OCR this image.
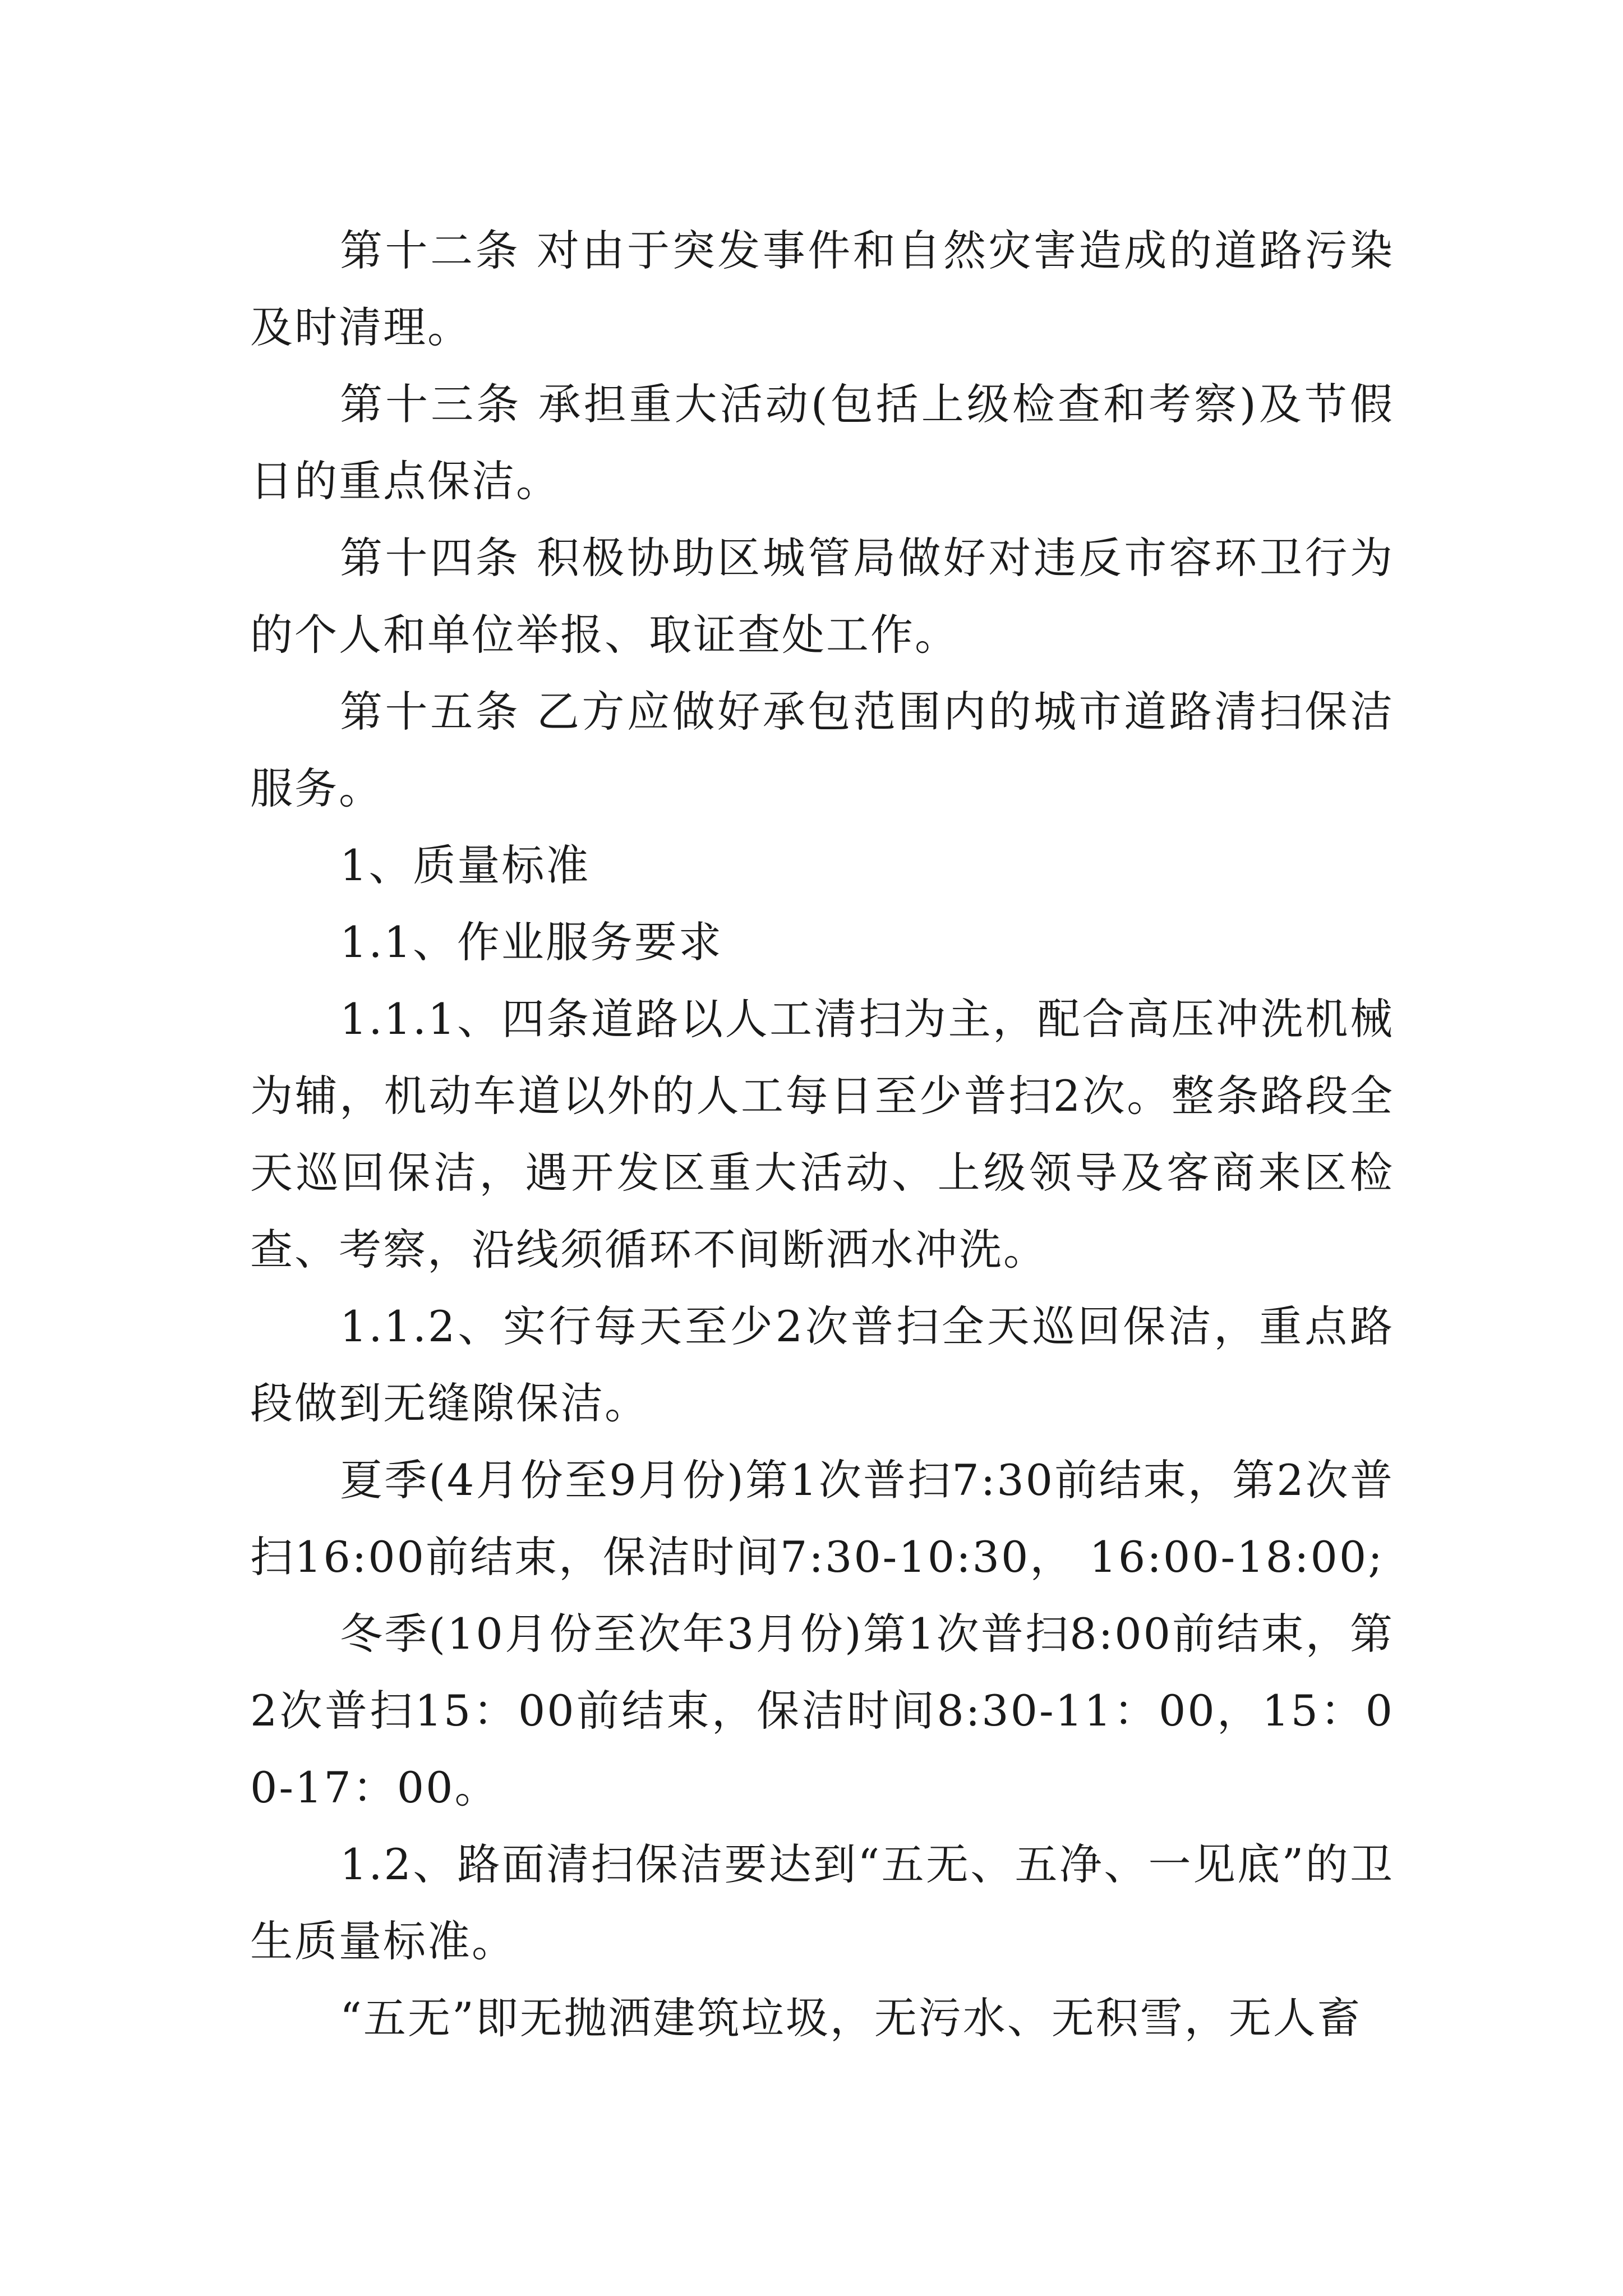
第十二条 对由于突发事件和自然灾害造成的道路污染及时清理。

第十三条 承担重大活动(包括上级检查和考察)及节假日的重点保洁。

第十四条 积极协助区城管局做好对违反市容环卫行为的个人和单位举报、取证查处工作。

第十五条 乙方应做好承包范围内的城市道路清扫保洁服务。

1、质量标准

1.1、作业服务要求

1.1.1、四条道路以人工清扫为主，配合高压冲洗机械为辅，机动车道以外的人工每日至少普扫2次。整条路段全天巡回保洁，遇开发区重大活动、上级领导及客商来区检查、考察，沿线须循环不间断洒水冲洗。

1.1.2、实行每天至少2次普扫全天巡回保洁，重点路段做到无缝隙保洁。

夏季(4月份至9月份)第1次普扫7:30前结束，第2次普扫16:00前结束，保洁时间7:30-10:30， 16:00-18:00;

冬季(10月份至次年3月份)第1次普扫8:00前结束，第2次普扫15：00前结束，保洁时间8:30-11：00，15：00-17：00。

1.2、路面清扫保洁要达到“五无、五净、一见底”的卫生质量标准。

“五无”即无抛洒建筑垃圾，无污水、无积雪，无人畜
